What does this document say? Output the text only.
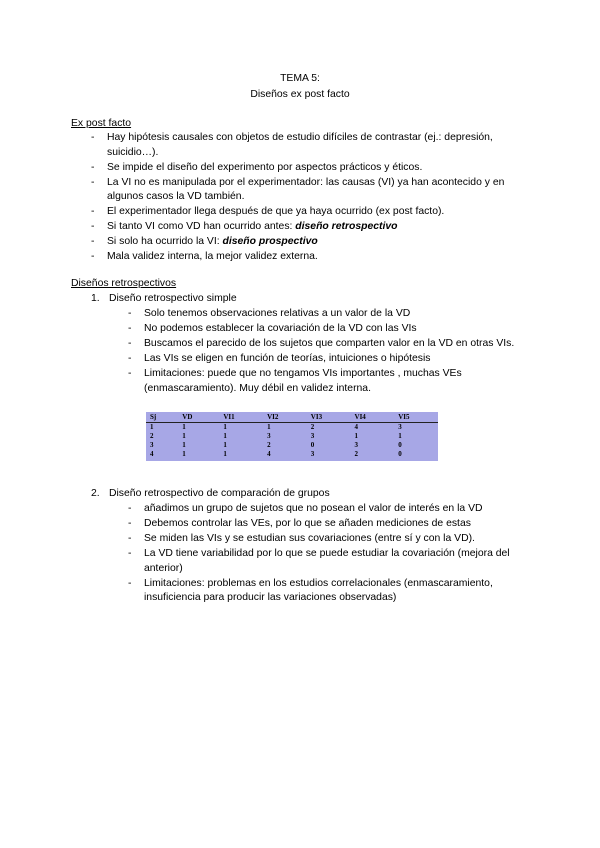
TEMA 5:
Diseños ex post facto
Ex post facto
- Hay hipótesis causales con objetos de estudio difíciles de contrastar (ej.: depresión, suicidio…).
- Se impide el diseño del experimento por aspectos prácticos y éticos.
- La VI no es manipulada por el experimentador: las causas (VI) ya han acontecido y en algunos casos la VD también.
- El experimentador llega después de que ya haya ocurrido (ex post facto).
- Si tanto VI como VD han ocurrido antes: diseño retrospectivo
- Si solo ha ocurrido la VI: diseño prospectivo
- Mala validez interna, la mejor validez externa.
Diseños retrospectivos
1. Diseño retrospectivo simple
- Solo tenemos observaciones relativas a un valor de la VD
- No podemos establecer la covariación de la VD con las VIs
- Buscamos el parecido de los sujetos que comparten valor en la VD en otras VIs.
- Las VIs se eligen en función de teorías, intuiciones o hipótesis
- Limitaciones: puede que no tengamos VIs importantes , muchas VEs (enmascaramiento). Muy débil en validez interna.
Sj	VD	VI1	VI2	VI3	VI4	VI5
1	1	1	1	2	4	3
2	1	1	3	3	1	1
3	1	1	2	0	3	0
4	1	1	4	3	2	0
2. Diseño retrospectivo de comparación de grupos
- añadimos un grupo de sujetos que no posean el valor de interés en la VD
- Debemos controlar las VEs, por lo que se añaden mediciones de estas
- Se miden las VIs y se estudian sus covariaciones (entre sí y con la VD).
- La VD tiene variabilidad por lo que se puede estudiar la covariación (mejora del anterior)
- Limitaciones: problemas en los estudios correlacionales (enmascaramiento, insuficiencia para producir las variaciones observadas)
